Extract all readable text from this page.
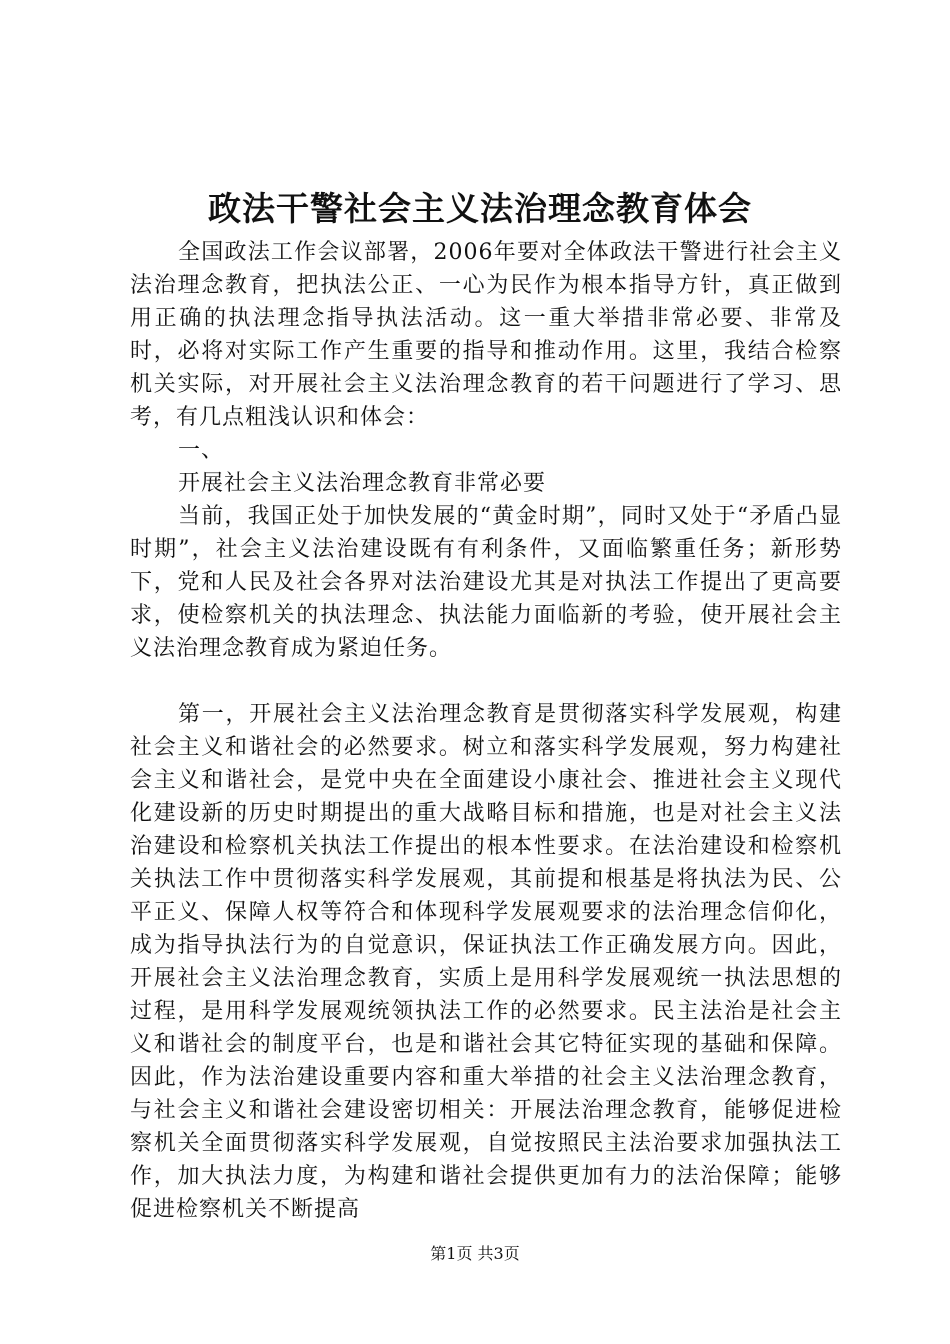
政法干警社会主义法治理念教育体会

全国政法工作会议部署，2006年要对全体政法干警进行社会主义法治理念教育，把执法公正、一心为民作为根本指导方针，真正做到用正确的执法理念指导执法活动。这一重大举措非常必要、非常及时，必将对实际工作产生重要的指导和推动作用。这里，我结合检察机关实际，对开展社会主义法治理念教育的若干问题进行了学习、思考，有几点粗浅认识和体会：

一、

开展社会主义法治理念教育非常必要

当前，我国正处于加快发展的“黄金时期”，同时又处于“矛盾凸显时期”，社会主义法治建设既有有利条件，又面临繁重任务；新形势下，党和人民及社会各界对法治建设尤其是对执法工作提出了更高要求，使检察机关的执法理念、执法能力面临新的考验，使开展社会主义法治理念教育成为紧迫任务。

第一，开展社会主义法治理念教育是贯彻落实科学发展观，构建社会主义和谐社会的必然要求。树立和落实科学发展观，努力构建社会主义和谐社会，是党中央在全面建设小康社会、推进社会主义现代化建设新的历史时期提出的重大战略目标和措施，也是对社会主义法治建设和检察机关执法工作提出的根本性要求。在法治建设和检察机关执法工作中贯彻落实科学发展观，其前提和根基是将执法为民、公平正义、保障人权等符合和体现科学发展观要求的法治理念信仰化，成为指导执法行为的自觉意识，保证执法工作正确发展方向。因此，开展社会主义法治理念教育，实质上是用科学发展观统一执法思想的过程，是用科学发展观统领执法工作的必然要求。民主法治是社会主义和谐社会的制度平台，也是和谐社会其它特征实现的基础和保障。因此，作为法治建设重要内容和重大举措的社会主义法治理念教育，与社会主义和谐社会建设密切相关：开展法治理念教育，能够促进检察机关全面贯彻落实科学发展观，自觉按照民主法治要求加强执法工作，加大执法力度，为构建和谐社会提供更加有力的法治保障；能够促进检察机关不断提高

第1页 共3页
